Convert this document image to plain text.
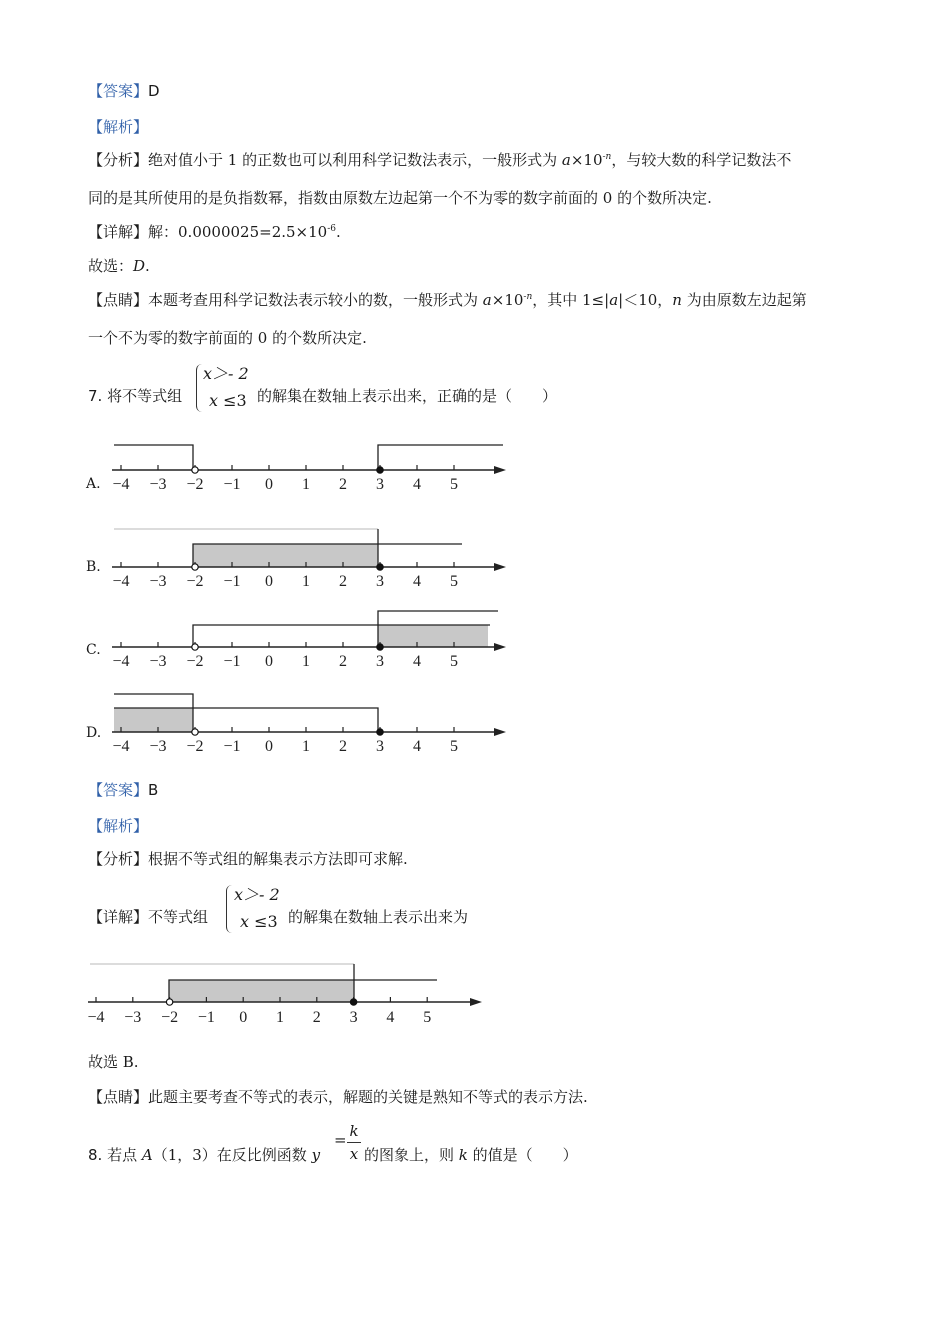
【答案】D
【解析】
【分析】绝对值小于 1 的正数也可以利用科学记数法表示，一般形式为 $a\times 10^{-n}$，与较大数的科学记数法不
同的是其所使用的是负指数幂，指数由原数左边起第一个不为零的数字前面的 0 的个数所决定.
【详解】解：$0.0000025=2.5\times 10^{-6}$.
故选：D.
【点睛】本题考查用科学记数法表示较小的数，一般形式为 $a\times 10^{-n}$，其中 1≤|a|＜10，n 为由原数左边起第
一个不为零的数字前面的 0 的个数所决定.
7. 将不等式组
x＞- 2
x ≤3 的解集在数轴上表示出来，正确的是（　　）
−4 −3 −2 −1 0 1 2 3 4 5
−4 −3 −2 −1 0 1 2 3 4 5
−4 −3 −2 −1 0 1 2 3 4 5
−4 −3 −2 −1 0 1 2 3 4 5
A.
B.
C.
D.
【答案】B
【解析】
【分析】根据不等式组的解集表示方法即可求解.
【详解】不等式组
x＞- 2
x ≤3 的解集在数轴上表示出来为
−4 −3 −2 −1 0 1 2 3 4 5
故选 B.
【点睛】此题主要考查不等式的表示，解题的关键是熟知不等式的表示方法.
8. 若点 A（1，3）在反比例函数 y
= k
x 的图象上，则 k 的值是（　　）
